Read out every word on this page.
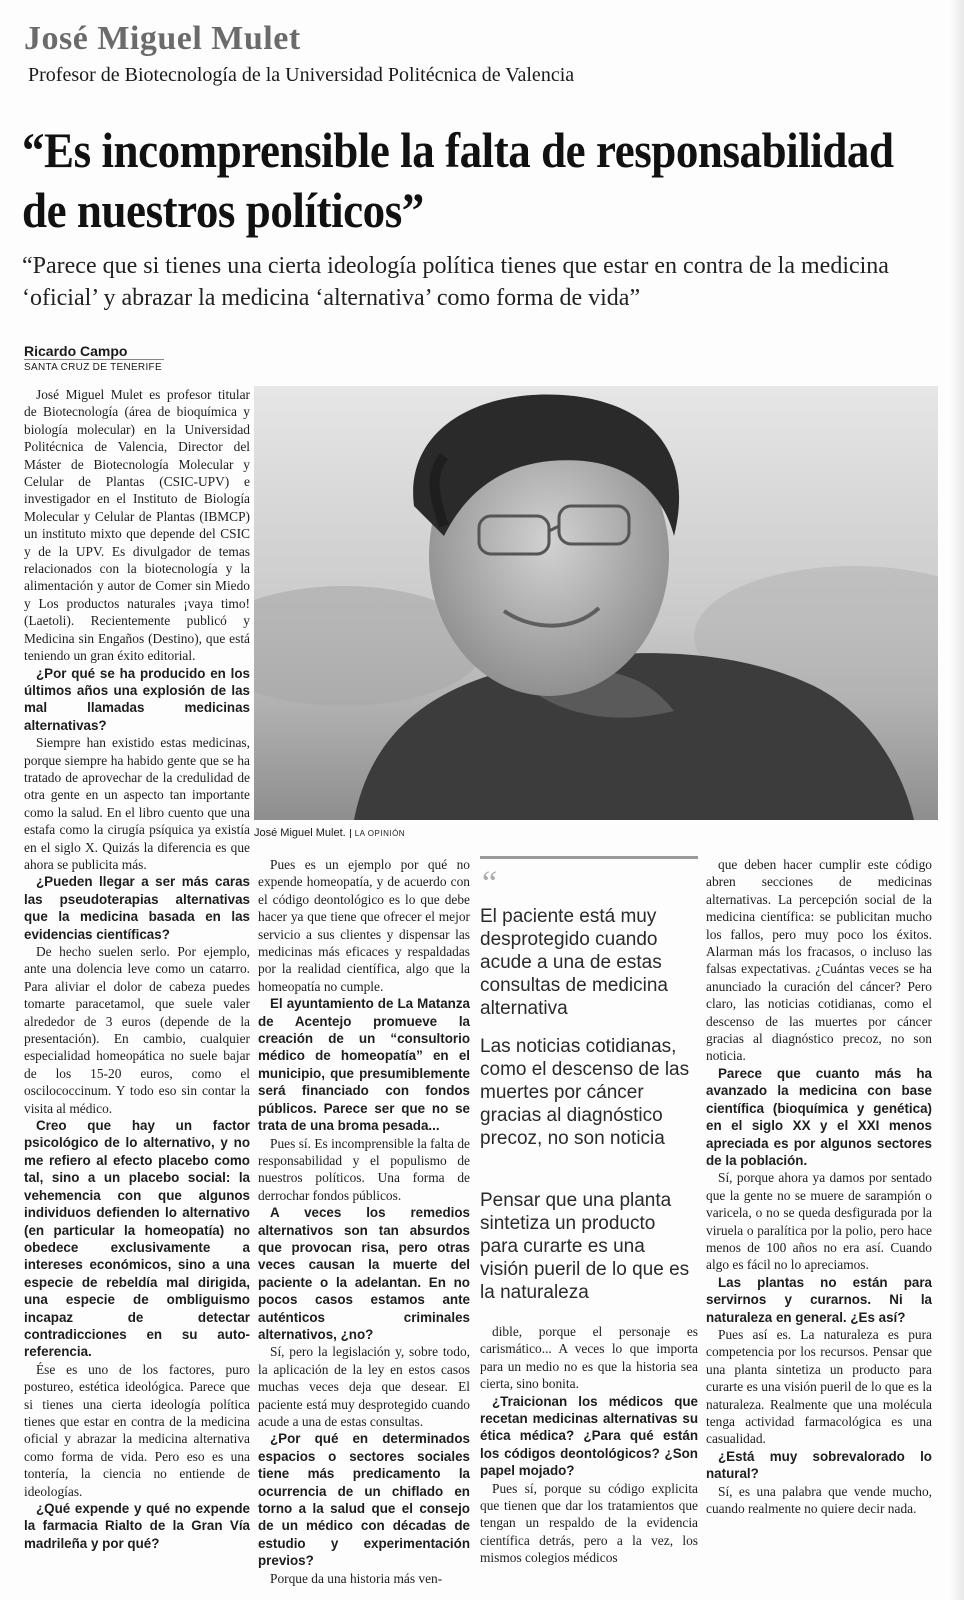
José Miguel Mulet
Profesor de Biotecnología de la Universidad Politécnica de Valencia
“Es incomprensible la falta de responsabilidad de nuestros políticos”
“Parece que si tienes una cierta ideología política tienes que estar en contra de la medicina ‘oficial’ y abrazar la medicina ‘alternativa’ como forma de vida”
Ricardo Campo
SANTA CRUZ DE TENERIFE

José Miguel Mulet es profesor titular de Biotecnología (área de bioquímica y biología molecular) en la Universidad Politécnica de Valencia, Director del Máster de Biotecnología Molecular y Celular de Plantas (CSIC-UPV) e investigador en el Instituto de Biología Molecular y Celular de Plantas (IBMCP) un instituto mixto que depende del CSIC y de la UPV. Es divulgador de temas relacionados con la biotecnología y la alimentación y autor de Comer sin Miedo y Los productos naturales ¡vaya timo! (Laetoli). Recientemente publicó y Medicina sin Engaños (Destino), que está teniendo un gran éxito editorial.

¿Por qué se ha producido en los últimos años una explosión de las mal llamadas medicinas alternativas?

Siempre han existido estas medicinas, porque siempre ha habido gente que se ha tratado de aprovechar de la credulidad de otra gente en un aspecto tan importante como la salud. En el libro cuento que una estafa como la cirugía psíquica ya existía en el siglo X. Quizás la diferencia es que ahora se publicita más.

¿Pueden llegar a ser más caras las pseudoterapias alternativas que la medicina basada en las evidencias científicas?

De hecho suelen serlo. Por ejemplo, ante una dolencia leve como un catarro. Para aliviar el dolor de cabeza puedes tomarte paracetamol, que suele valer alrededor de 3 euros (depende de la presentación). En cambio, cualquier especialidad homeopática no suele bajar de los 15-20 euros, como el oscilococcinum. Y todo eso sin contar la visita al médico.

Creo que hay un factor psicológico de lo alternativo, y no me refiero al efecto placebo como tal, sino a un placebo social: la vehemencia con que algunos individuos defienden lo alternativo (en particular la homeopatía) no obedece exclusivamente a intereses económicos, sino a una especie de rebeldía mal dirigida, una especie de ombliguismo incapaz de detectar contradicciones en su auto-referencia.

Ése es uno de los factores, puro postureo, estética ideológica. Parece que si tienes una cierta ideología política tienes que estar en contra de la medicina oficial y abrazar la medicina alternativa como forma de vida. Pero eso es una tontería, la ciencia no entiende de ideologías.

¿Qué expende y qué no expende la farmacia Rialto de la Gran Vía madrileña y por qué?

José Miguel Mulet. LA OPINIÓN

Pues es un ejemplo por qué no expende homeopatía, y de acuerdo con el código deontológico es lo que debe hacer ya que tiene que ofrecer el mejor servicio a sus clientes y dispensar las medicinas más eficaces y respaldadas por la realidad científica, algo que la homeopatía no cumple.

El ayuntamiento de La Matanza de Acentejo promueve la creación de un “consultorio médico de homeopatía” en el municipio, que presumiblemente será financiado con fondos públicos. Parece ser que no se trata de una broma pesada...

Pues sí. Es incomprensible la falta de responsabilidad y el populismo de nuestros políticos. Una forma de derrochar fondos públicos.

A veces los remedios alternativos son tan absurdos que provocan risa, pero otras veces causan la muerte del paciente o la adelantan. En no pocos casos estamos ante auténticos criminales alternativos, ¿no?

Sí, pero la legislación y, sobre todo, la aplicación de la ley en estos casos muchas veces deja que desear. El paciente está muy desprotegido cuando acude a una de estas consultas.

¿Por qué en determinados espacios o sectores sociales tiene más predicamento la ocurrencia de un chiflado en torno a la salud que el consejo de un médico con décadas de estudio y experimentación previos?

Porque da una historia más ven-

“
El paciente está muy desprotegido cuando acude a una de estas consultas de medicina alternativa
Las noticias cotidianas, como el descenso de las muertes por cáncer gracias al diagnóstico precoz, no son noticia
Pensar que una planta sintetiza un producto para curarte es una visión pueril de lo que es la naturaleza

dible, porque el personaje es carismático... A veces lo que importa para un medio no es que la historia sea cierta, sino bonita.

¿Traicionan los médicos que recetan medicinas alternativas su ética médica? ¿Para qué están los códigos deontológicos? ¿Son papel mojado?

Pues sí, porque su código explicita que tienen que dar los tratamientos que tengan un respaldo de la evidencia científica detrás, pero a la vez, los mismos colegios médicos

que deben hacer cumplir este código abren secciones de medicinas alternativas. La percepción social de la medicina científica: se publicitan mucho los fallos, pero muy poco los éxitos. Alarman más los fracasos, o incluso las falsas expectativas. ¿Cuántas veces se ha anunciado la curación del cáncer? Pero claro, las noticias cotidianas, como el descenso de las muertes por cáncer gracias al diagnóstico precoz, no son noticia.

Parece que cuanto más ha avanzado la medicina con base científica (bioquímica y genética) en el siglo XX y el XXI menos apreciada es por algunos sectores de la población.

Sí, porque ahora ya damos por sentado que la gente no se muere de sarampión o varicela, o no se queda desfigurada por la viruela o paralítica por la polio, pero hace menos de 100 años no era así. Cuando algo es fácil no lo apreciamos.

Las plantas no están para servirnos y curarnos. Ni la naturaleza en general. ¿Es así?

Pues así es. La naturaleza es pura competencia por los recursos. Pensar que una planta sintetiza un producto para curarte es una visión pueril de lo que es la naturaleza. Realmente que una molécula tenga actividad farmacológica es una casualidad.

¿Está muy sobrevalorado lo natural?

Sí, es una palabra que vende mucho, cuando realmente no quiere decir nada.
